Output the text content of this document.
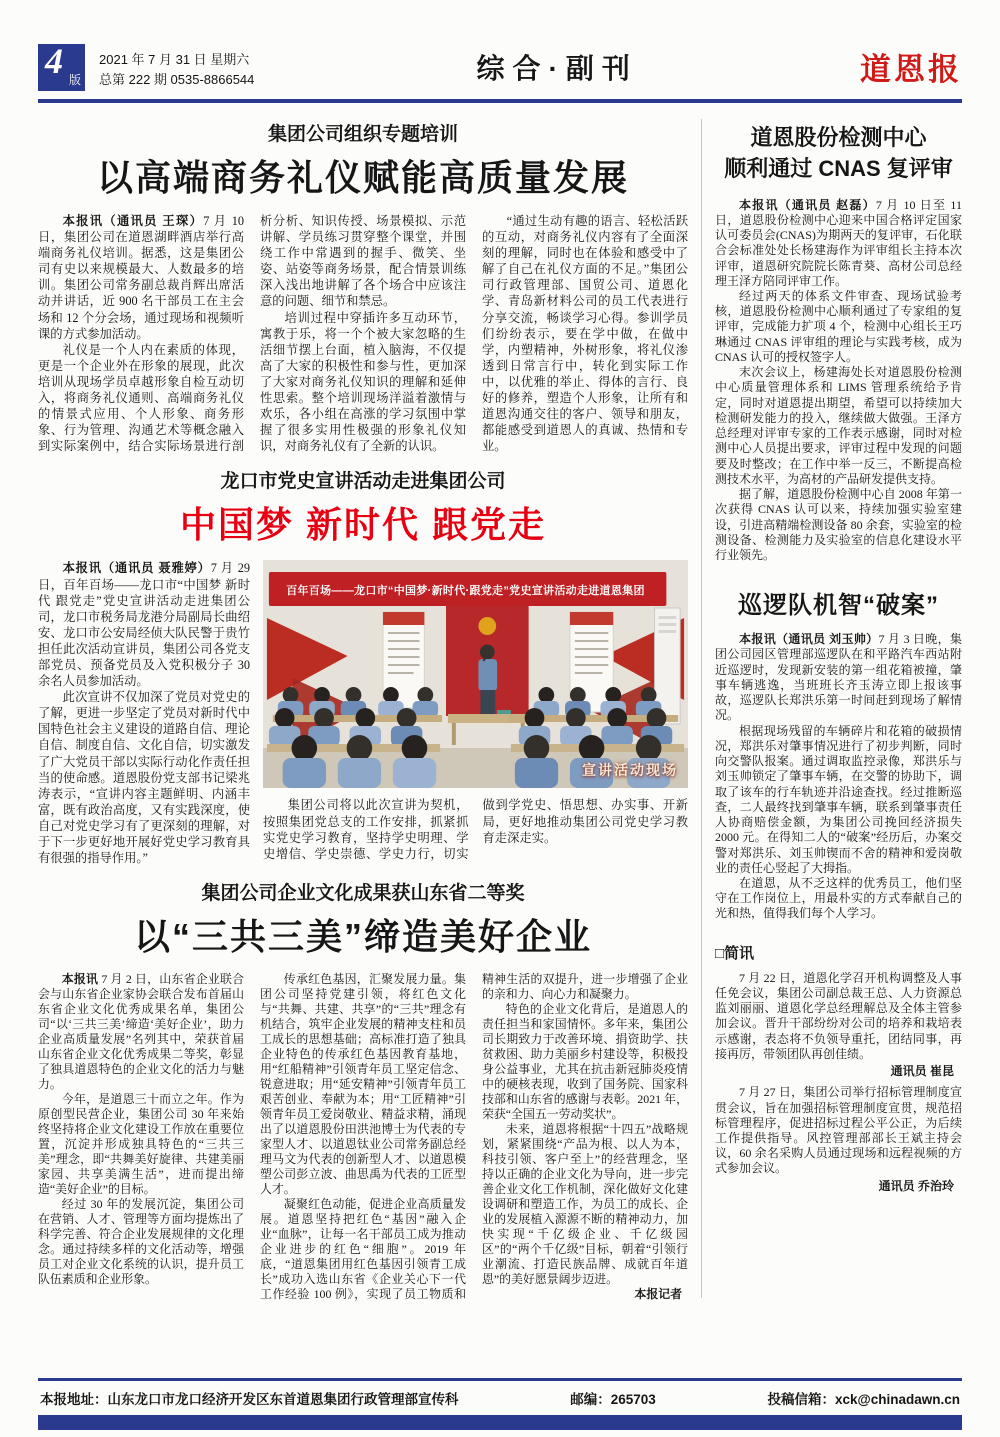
4 版
2021 年 7 月 31 日 星期六
总第 222 期 0535-8866544	综合·副刊	道恩报
集团公司组织专题培训
以高端商务礼仪赋能高质量发展

本报讯（通讯员 王琛）7 月 10 日，集团公司在道恩湖畔酒店举行高端商务礼仪培训。据悉，这是集团公司有史以来规模最大、人数最多的培训。集团公司常务副总裁肖辉出席活动并讲话，近 900 名干部员工在主会场和 12 个分会场，通过现场和视频听课的方式参加活动。

礼仪是一个人内在素质的体现，更是一个企业外在形象的展现，此次培训从现场学员卓越形象自检互动切入，将商务礼仪通则、高端商务礼仪的情景式应用、个人形象、商务形象、行为管理、沟通艺术等概念融入到实际案例中，结合实际场景进行剖析分析、知识传授、场景模拟、示范讲解、学员练习贯穿整个课堂，并围绕工作中常遇到的握手、微笑、坐姿、站姿等商务场景，配合情景训练深入浅出地讲解了各个场合中应该注意的问题、细节和禁忌。

培训过程中穿插许多互动环节，寓教于乐，将一个个被大家忽略的生活细节摆上台面，植入脑海，不仅提高了大家的积极性和参与性，更加深了大家对商务礼仪知识的理解和延伸性思索。整个培训现场洋溢着激情与欢乐，各小组在高涨的学习氛围中掌握了很多实用性极强的形象礼仪知识，对商务礼仪有了全新的认识。

“通过生动有趣的语言、轻松活跃的互动，对商务礼仪内容有了全面深刻的理解，同时也在体验和感受中了解了自己在礼仪方面的不足。”集团公司行政管理部、国贸公司、道恩化学、青岛新材料公司的员工代表进行分享交流，畅谈学习心得。参训学员们纷纷表示，要在学中做，在做中学，内塑精神，外树形象，将礼仪渗透到日常言行中，转化到实际工作中，以优雅的举止、得体的言行、良好的修养，塑造个人形象，让所有和道恩沟通交往的客户、领导和朋友，都能感受到道恩人的真诚、热情和专业。

龙口市党史宣讲活动走进集团公司
中国梦 新时代 跟党走

本报讯（通讯员 聂雅婷）7 月 29 日，百年百场——龙口市“中国梦 新时代 跟党走”党史宣讲活动走进集团公司，龙口市税务局龙港分局副局长曲绍安、龙口市公安局经侦大队民警于贵竹担任此次活动宣讲员，集团公司各党支部党员、预备党员及入党积极分子 30 余名人员参加活动。

此次宣讲不仅加深了党员对党史的了解，更进一步坚定了党员对新时代中国特色社会主义建设的道路自信、理论自信、制度自信、文化自信，切实激发了广大党员干部以实际行动化作责任担当的使命感。道恩股份党支部书记梁兆涛表示，“宣讲内容主题鲜明、内涵丰富，既有政治高度，又有实践深度，使自己对党史学习有了更深刻的理解，对于下一步更好地开展好党史学习教育具有很强的指导作用。”

百年百场——龙口市“中国梦·新时代·跟党走”党史宣讲活动走进道恩集团
宣讲活动现场

集团公司将以此次宣讲为契机，按照集团党总支的工作安排，抓紧抓实党史学习教育，坚持学史明理、学史增信、学史崇德、学史力行，切实做到学党史、悟思想、办实事、开新局，更好地推动集团公司党史学习教育走深走实。

集团公司企业文化成果获山东省二等奖
以“三共三美”缔造美好企业

本报讯 7 月 2 日，山东省企业联合会与山东省企业家协会联合发布首届山东省企业文化优秀成果名单，集团公司“以‘三共三美’缔造‘美好企业’，助力企业高质量发展”名列其中，荣获首届山东省企业文化优秀成果二等奖，彰显了独具道恩特色的企业文化的活力与魅力。

今年，是道恩三十而立之年。作为原创型民营企业，集团公司 30 年来始终坚持将企业文化建设工作放在重要位置，沉淀并形成独具特色的“三共三美”理念，即“共舞美好旋律、共建美丽家园、共享美满生活”，进而提出缔造“美好企业”的目标。

经过 30 年的发展沉淀，集团公司在营销、人才、管理等方面均提炼出了科学完善、符合企业发展规律的文化理念。通过持续多样的文化活动等，增强员工对企业文化系统的认识，提升员工队伍素质和企业形象。

传承红色基因，汇聚发展力量。集团公司坚持党建引领，将红色文化与“共舞、共建、共享”的“三共”理念有机结合，筑牢企业发展的精神支柱和员工成长的思想基础；高标准打造了独具企业特色的传承红色基因教育基地，用“红船精神”引领青年员工坚定信念、锐意进取；用“延安精神”引领青年员工艰苦创业、奉献为本；用“工匠精神”引领青年员工爱岗敬业、精益求精，涌现出了以道恩股份田洪池博士为代表的专家型人才、以道恩钛业公司常务副总经理马文为代表的创新型人才、以道恩模塑公司彭立波、曲思禹为代表的工匠型人才。

凝聚红色动能，促进企业高质量发展。道恩坚持把红色“基因”融入企业“血脉”，让每一名干部员工成为推动企业进步的红色“细胞”。2019 年底，“道恩集团用红色基因引领青工成长”成功入选山东省《企业关心下一代工作经验 100 例》，实现了员工物质和精神生活的双提升，进一步增强了企业的亲和力、向心力和凝聚力。

特色的企业文化背后，是道恩人的责任担当和家国情怀。多年来，集团公司长期致力于改善环境、捐资助学、扶贫救困、助力美丽乡村建设等，积极投身公益事业，尤其在抗击新冠肺炎疫情中的硬核表现，收到了国务院、国家科技部和山东省的感谢与表彰。2021 年，荣获“全国五一劳动奖状”。

未来，道恩将根据“十四五”战略规划，紧紧围绕“产品为根、以人为本，科技引领、客户至上”的经营理念，坚持以正确的企业文化为导向，进一步完善企业文化工作机制，深化做好文化建设调研和塑造工作，为员工的成长、企业的发展植入源源不断的精神动力，加快实现“千亿级企业、千亿级园区”的“两个千亿级”目标，朝着“引领行业潮流、打造民族品牌、成就百年道恩”的美好愿景阔步迈进。

本报记者

道恩股份检测中心
顺利通过 CNAS 复评审

本报讯（通讯员 赵磊）7 月 10 日至 11 日，道恩股份检测中心迎来中国合格评定国家认可委员会(CNAS)为期两天的复评审，石化联合会标准处处长杨建海作为评审组长主持本次评审，道恩研究院院长陈青葵、高材公司总经理王泽方陪同评审工作。

经过两天的体系文件审查、现场试验考核，道恩股份检测中心顺利通过了专家组的复评审，完成能力扩项 4 个，检测中心组长王巧琳通过 CNAS 评审组的理论与实践考核，成为 CNAS 认可的授权签字人。

末次会议上，杨建海处长对道恩股份检测中心质量管理体系和 LIMS 管理系统给予肯定，同时对道恩提出期望，希望可以持续加大检测研发能力的投入，继续做大做强。王泽方总经理对评审专家的工作表示感谢，同时对检测中心人员提出要求，评审过程中发现的问题要及时整改；在工作中举一反三，不断提高检测技术水平，为高材的产品研发提供支持。

据了解，道恩股份检测中心自 2008 年第一次获得 CNAS 认可以来，持续加强实验室建设，引进高精端检测设备 80 余套，实验室的检测设备、检测能力及实验室的信息化建设水平行业领先。

巡逻队机智“破案”

本报讯（通讯员 刘玉帅）7 月 3 日晚，集团公司园区管理部巡逻队在和平路汽车西站附近巡逻时，发现新安装的第一组花箱被撞，肇事车辆逃逸，当班班长齐玉涛立即上报该事故，巡逻队长郑洪乐第一时间赶到现场了解情况。

根据现场残留的车辆碎片和花箱的破损情况，郑洪乐对肇事情况进行了初步判断，同时向交警队报案。通过调取监控录像，郑洪乐与刘玉帅锁定了肇事车辆，在交警的协助下，调取了该车的行车轨迹并沿途查找。经过推断巡查，二人最终找到肇事车辆，联系到肇事责任人协商赔偿金额，为集团公司挽回经济损失 2000 元。在得知二人的“破案”经历后，办案交警对郑洪乐、刘玉帅锲而不舍的精神和爱岗敬业的责任心竖起了大拇指。

在道恩，从不乏这样的优秀员工，他们坚守在工作岗位上，用最朴实的方式奉献自己的光和热，值得我们每个人学习。

□简讯

7 月 22 日，道恩化学召开机构调整及人事任免会议，集团公司副总裁王总、人力资源总监刘丽丽、道恩化学总经理解总及全体主管参加会议。晋升干部纷纷对公司的培养和栽培表示感谢，表态将不负领导重托，团结同事，再接再厉，带领团队再创佳绩。

通讯员 崔昆

7 月 27 日，集团公司举行招标管理制度宣贯会议，旨在加强招标管理制度宣贯，规范招标管理程序，促进招标过程公平公正，为后续工作提供指导。风控管理部部长王斌主持会议，60 余名采购人员通过现场和远程视频的方式参加会议。

通讯员 乔治玲
本报地址：山东龙口市龙口经济开发区东首道恩集团行政管理部宣传科	邮编：265703	投稿信箱：xck@chinadawn.cn
